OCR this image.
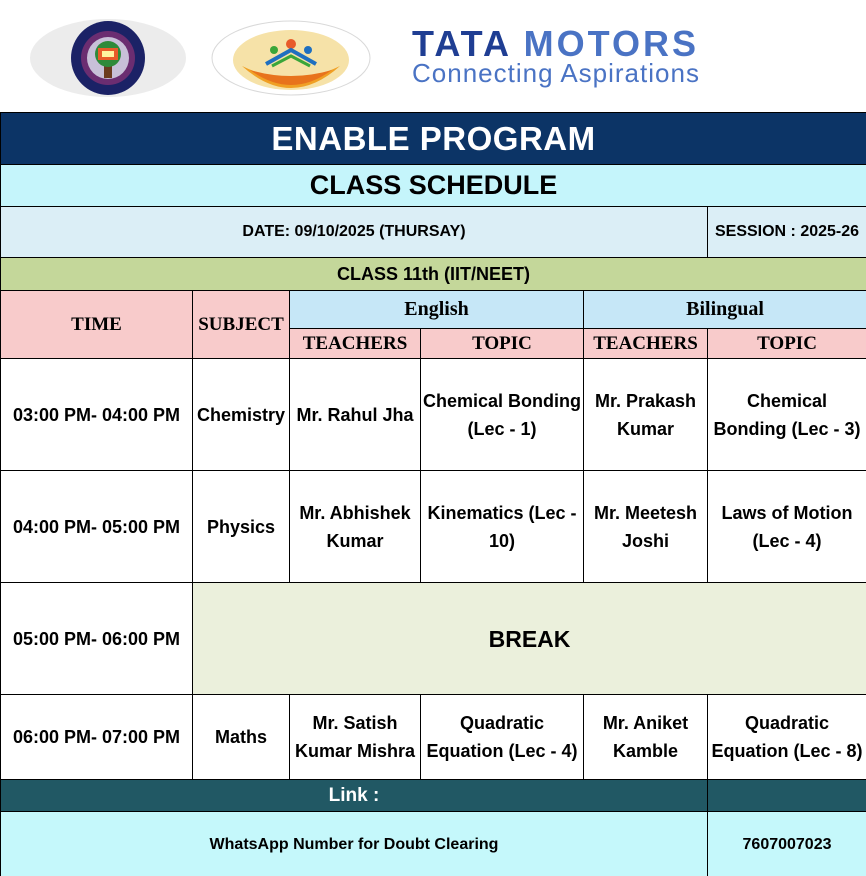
TATA MOTORS
Connecting Aspirations
ENABLE PROGRAM					
CLASS SCHEDULE					
DATE: 09/10/2025 (THURSAY)					SESSION : 2025-26
CLASS 11th (IIT/NEET)					
TIME	SUBJECT	English		Bilingual	
		TEACHERS	TOPIC	TEACHERS	TOPIC
03:00 PM- 04:00 PM	Chemistry	Mr. Rahul Jha	Chemical Bonding (Lec - 1)	Mr. Prakash Kumar	Chemical Bonding (Lec - 3)
04:00 PM- 05:00 PM	Physics	Mr. Abhishek Kumar	Kinematics (Lec - 10)	Mr. Meetesh Joshi	Laws of Motion (Lec - 4)
05:00 PM- 06:00 PM	BREAK				
06:00 PM- 07:00 PM	Maths	Mr. Satish Kumar Mishra	Quadratic Equation (Lec - 4)	Mr. Aniket Kamble	Quadratic Equation (Lec - 8)
Link :					
WhatsApp Number for Doubt Clearing					7607007023
